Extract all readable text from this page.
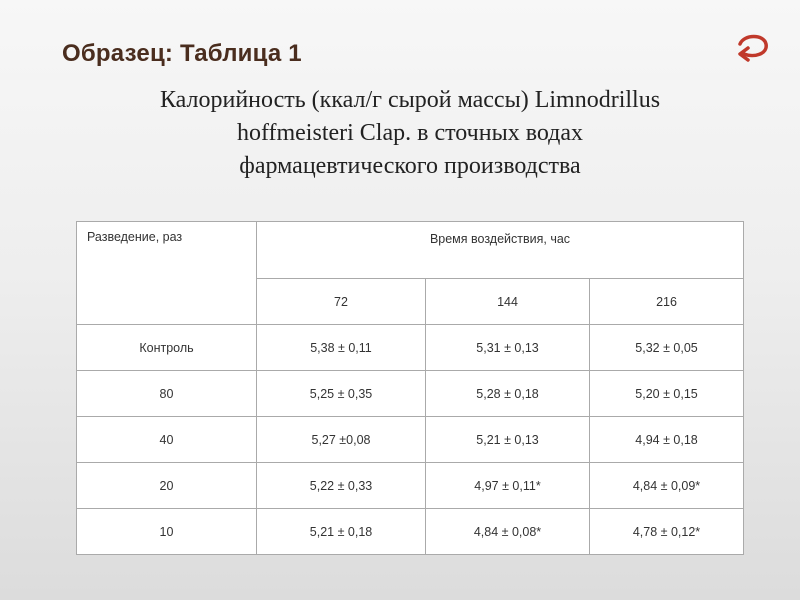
Образец: Таблица 1
Калорийность (ккал/г сырой массы) Limnodrillus
hoffmeisteri Clap. в сточных водах
фармацевтического производства
Разведение, раз	Время воздействия, час		
	72	144	216
Контроль	5,38 ± 0,11	5,31 ± 0,13	5,32 ± 0,05
80	5,25 ± 0,35	5,28 ± 0,18	5,20 ± 0,15
40	5,27 ±0,08	5,21 ± 0,13	4,94 ± 0,18
20	5,22 ± 0,33	4,97 ± 0,11*	4,84 ± 0,09*
10	5,21 ± 0,18	4,84 ± 0,08*	4,78 ± 0,12*
